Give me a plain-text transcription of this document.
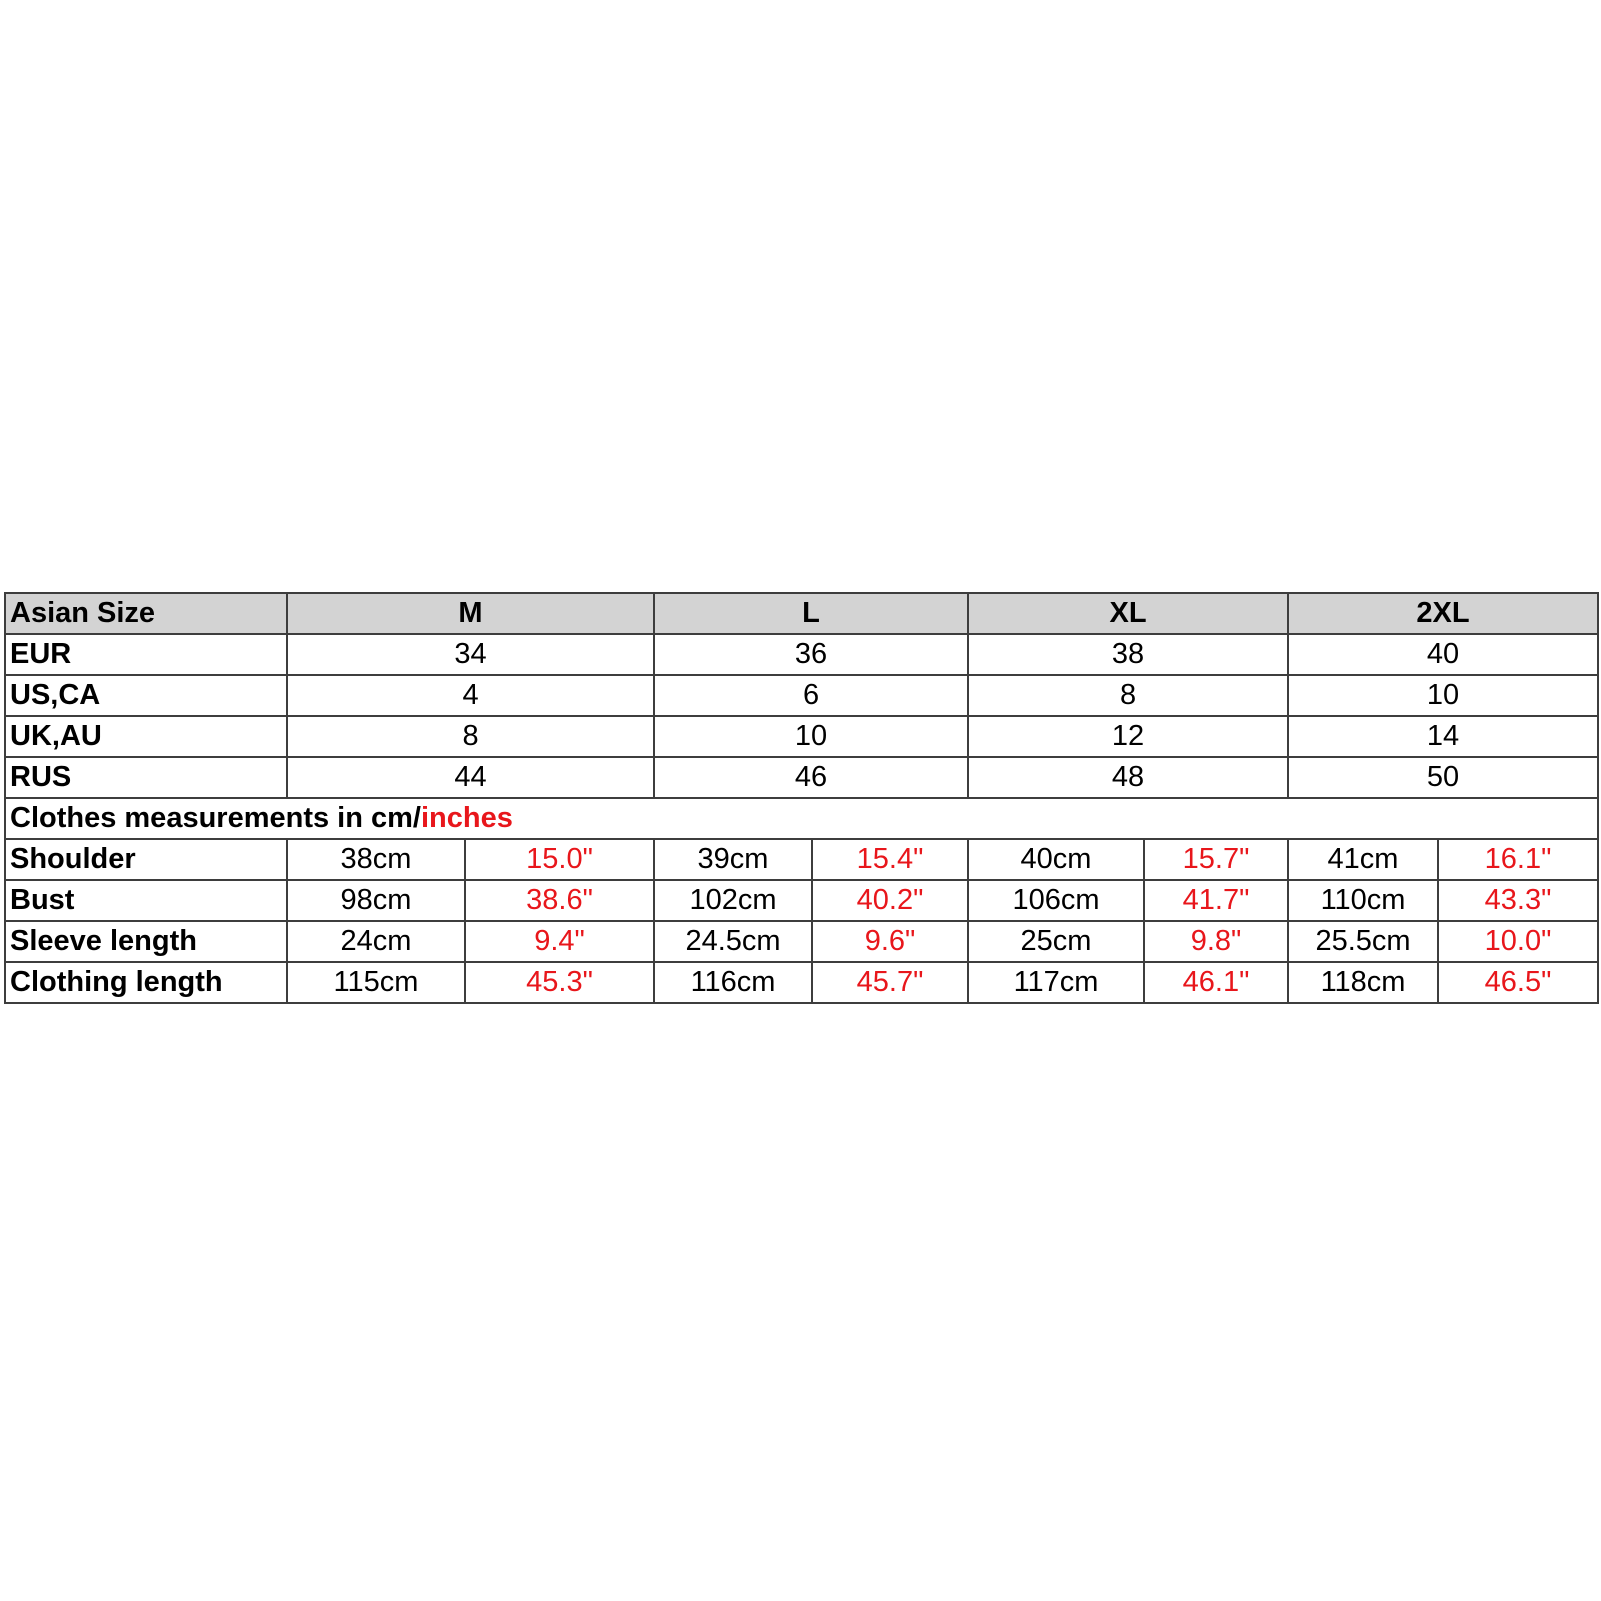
Asian Size	M		L		XL		2XL	
EUR	34		36		38		40	
US,CA	4		6		8		10	
UK,AU	8		10		12		14	
RUS	44		46		48		50	
Clothes measurements in cm/inches								
Shoulder	38cm	15.0"	39cm	15.4"	40cm	15.7"	41cm	16.1"
Bust	98cm	38.6"	102cm	40.2"	106cm	41.7"	110cm	43.3"
Sleeve length	24cm	9.4"	24.5cm	9.6"	25cm	9.8"	25.5cm	10.0"
Clothing length	115cm	45.3"	116cm	45.7"	117cm	46.1"	118cm	46.5"
